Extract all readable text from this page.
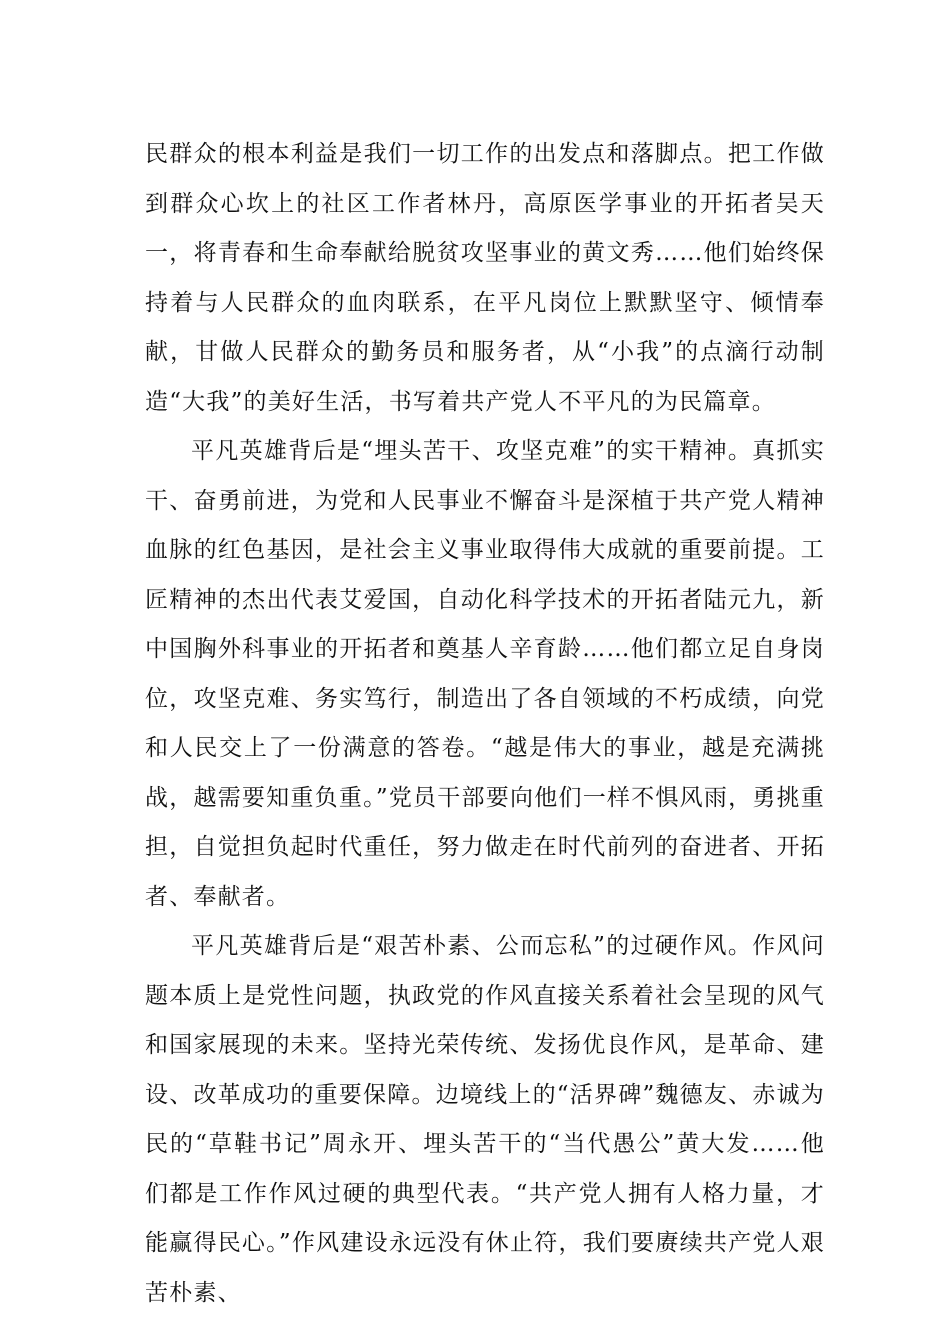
民群众的根本利益是我们一切工作的出发点和落脚点。把工作做到群众心坎上的社区工作者林丹，高原医学事业的开拓者吴天一，将青春和生命奉献给脱贫攻坚事业的黄文秀……他们始终保持着与人民群众的血肉联系，在平凡岗位上默默坚守、倾情奉献，甘做人民群众的勤务员和服务者，从“小我”的点滴行动制造“大我”的美好生活，书写着共产党人不平凡的为民篇章。

平凡英雄背后是“埋头苦干、攻坚克难”的实干精神。真抓实干、奋勇前进，为党和人民事业不懈奋斗是深植于共产党人精神血脉的红色基因，是社会主义事业取得伟大成就的重要前提。工匠精神的杰出代表艾爱国，自动化科学技术的开拓者陆元九，新中国胸外科事业的开拓者和奠基人辛育龄……他们都立足自身岗位，攻坚克难、务实笃行，制造出了各自领域的不朽成绩，向党和人民交上了一份满意的答卷。“越是伟大的事业，越是充满挑战，越需要知重负重。”党员干部要向他们一样不惧风雨，勇挑重担，自觉担负起时代重任，努力做走在时代前列的奋进者、开拓者、奉献者。

平凡英雄背后是“艰苦朴素、公而忘私”的过硬作风。作风问题本质上是党性问题，执政党的作风直接关系着社会呈现的风气和国家展现的未来。坚持光荣传统、发扬优良作风，是革命、建设、改革成功的重要保障。边境线上的“活界碑”魏德友、赤诚为民的“草鞋书记”周永开、埋头苦干的“当代愚公”黄大发……他们都是工作作风过硬的典型代表。“共产党人拥有人格力量，才能赢得民心。”作风建设永远没有休止符，我们要赓续共产党人艰苦朴素、
